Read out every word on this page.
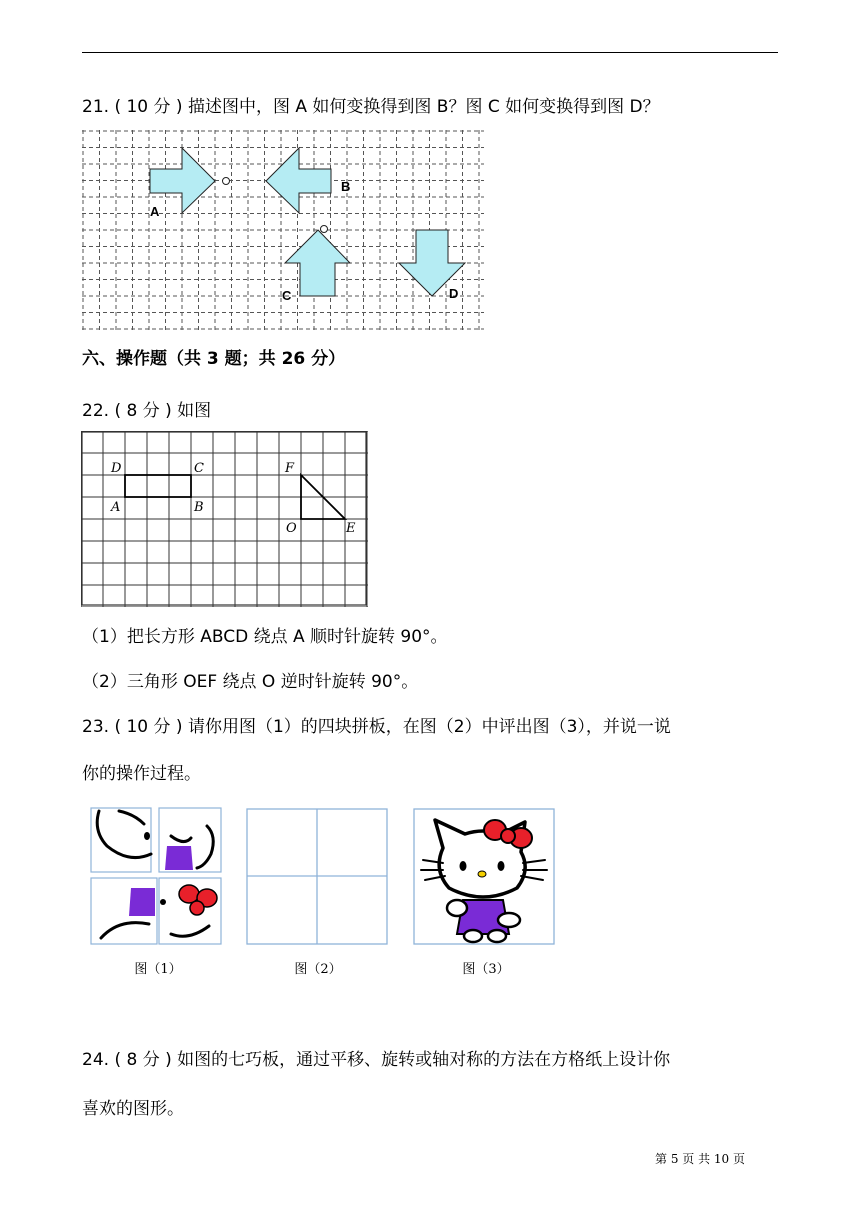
21. ( 10 分 ) 描述图中，图 A 如何变换得到图 B？图 C 如何变换得到图 D？
A
B
C	D
六、操作题（共 3 题；共 26 分）
22. ( 8 分 ) 如图
D	C
A	B
F
O	E
（1）把长方形 ABCD 绕点 A 顺时针旋转 90°。
（2）三角形 OEF 绕点 O 逆时针旋转 90°。
23. ( 10 分 ) 请你用图（1）的四块拼板，在图（2）中评出图（3），并说一说
你的操作过程。
图（1）	图（2）	图（3）
24. ( 8 分 ) 如图的七巧板，通过平移、旋转或轴对称的方法在方格纸上设计你
喜欢的图形。
第 5 页 共 10 页
